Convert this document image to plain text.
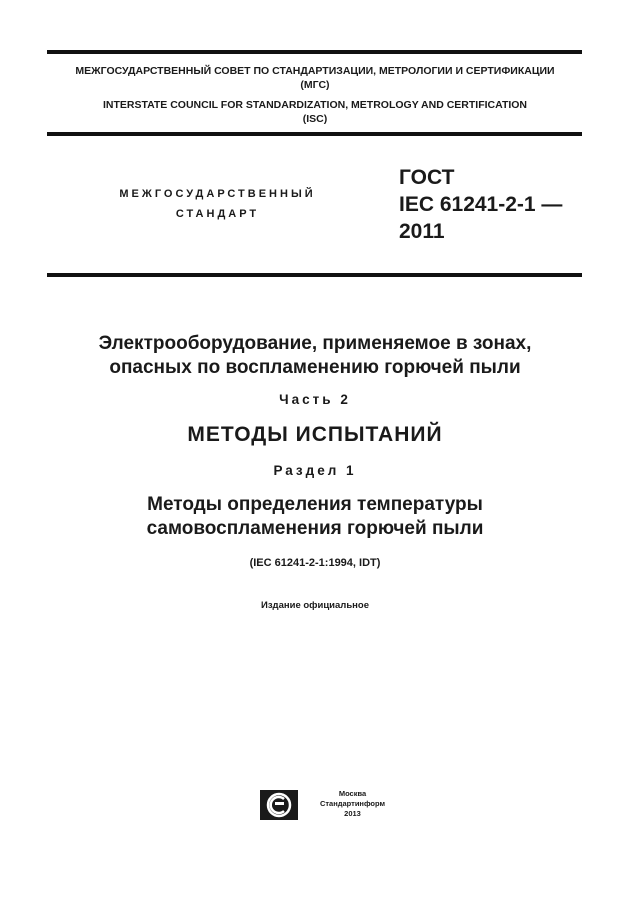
МЕЖГОСУДАРСТВЕННЫЙ СОВЕТ ПО СТАНДАРТИЗАЦИИ, МЕТРОЛОГИИ И СЕРТИФИКАЦИИ
(МГС)
INTERSTATE COUNCIL FOR STANDARDIZATION, METROLOGY AND CERTIFICATION
(ISC)
МЕЖГОСУДАРСТВЕННЫЙ
СТАНДАРТ
ГОСТ
IEC 61241-2-1 —
2011
Электрооборудование, применяемое в зонах,
опасных по воспламенению горючей пыли
Часть 2
МЕТОДЫ ИСПЫТАНИЙ
Раздел 1
Методы определения температуры
самовоспламенения горючей пыли
(IEC 61241-2-1:1994, IDT)
Издание официальное
Москва
Стандартинформ
2013
